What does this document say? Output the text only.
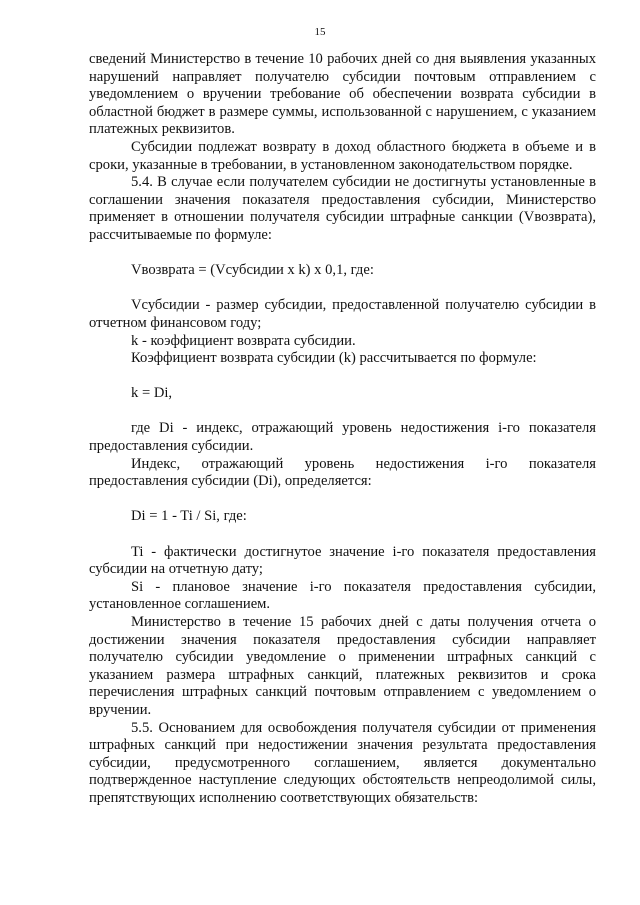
15

сведений Министерство в течение 10 рабочих дней со дня выявления указанных нарушений направляет получателю субсидии почтовым отправлением с уведомлением о вручении требование об обеспечении возврата субсидии в областной бюджет в размере суммы, использованной с нарушением, с указанием платежных реквизитов.

Субсидии подлежат возврату в доход областного бюджета в объеме и в сроки, указанные в требовании, в установленном законодательством порядке.

5.4. В случае если получателем субсидии не достигнуты установленные в соглашении значения показателя предоставления субсидии, Министерство применяет в отношении получателя субсидии штрафные санкции (Vвозврата), рассчитываемые по формуле:

Vвозврата = (Vсубсидии x k) x 0,1, где:

Vсубсидии - размер субсидии, предоставленной получателю субсидии в отчетном финансовом году;

k - коэффициент возврата субсидии.

Коэффициент возврата субсидии (k) рассчитывается по формуле:

k = Di,

где Di - индекс, отражающий уровень недостижения i-го показателя предоставления субсидии.

Индекс, отражающий уровень недостижения i-го показателя предоставления субсидии (Di), определяется:

Di = 1 - Ti / Si, где:

Ti - фактически достигнутое значение i-го показателя предоставления субсидии на отчетную дату;

Si - плановое значение i-го показателя предоставления субсидии, установленное соглашением.

Министерство в течение 15 рабочих дней с даты получения отчета о достижении значения показателя предоставления субсидии направляет получателю субсидии уведомление о применении штрафных санкций с указанием размера штрафных санкций, платежных реквизитов и срока перечисления штрафных санкций почтовым отправлением с уведомлением о вручении.

5.5. Основанием для освобождения получателя субсидии от применения штрафных санкций при недостижении значения результата предоставления субсидии, предусмотренного соглашением, является документально подтвержденное наступление следующих обстоятельств непреодолимой силы, препятствующих исполнению соответствующих обязательств:
